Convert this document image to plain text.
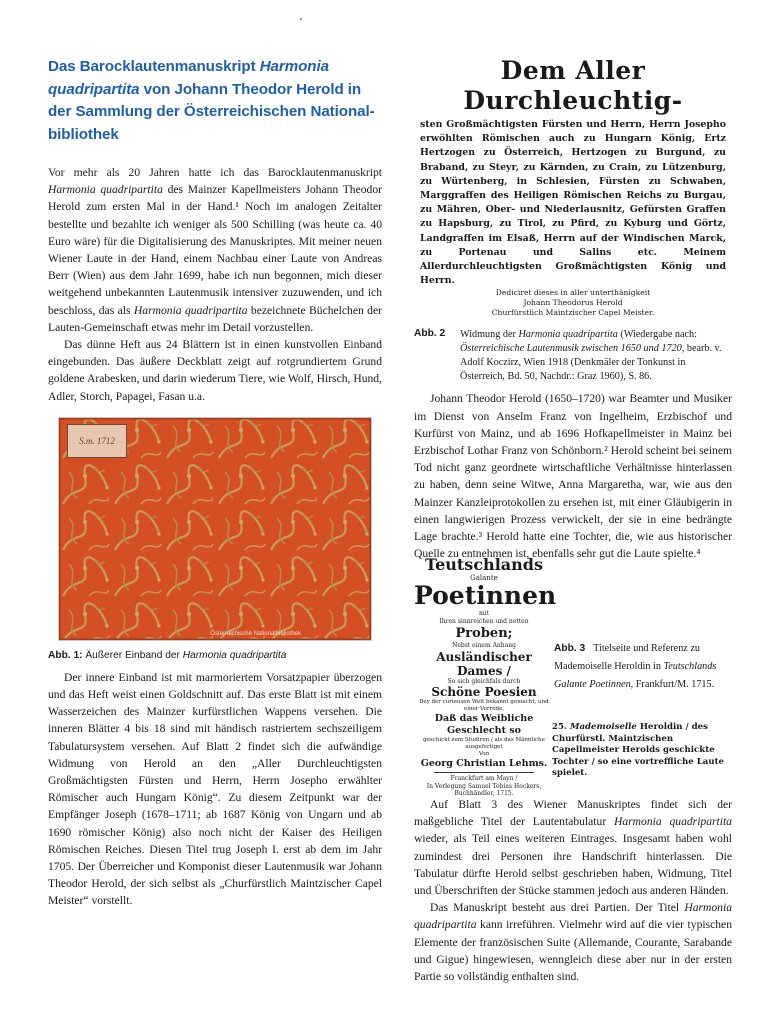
Das Barocklautenmanuskript Harmonia quadripartita von Johann Theodor Herold in der Sammlung der Österreichischen Nationalbibliothek

Vor mehr als 20 Jahren hatte ich das Barocklautenmanuskript Harmonia quadripartita des Mainzer Kapellmeisters Johann Theodor Herold zum ersten Mal in der Hand.¹ Noch im analogen Zeitalter bestellte und bezahlte ich weniger als 500 Schilling (was heute ca. 40 Euro wäre) für die Digitalisierung des Manuskriptes. Mit meiner neuen Wiener Laute in der Hand, einem Nachbau einer Laute von Andreas Berr (Wien) aus dem Jahr 1699, habe ich nun begonnen, mich dieser weitgehend unbekannten Lautenmusik intensiver zuzuwenden, und ich beschloss, das als Harmonia quadripartita bezeichnete Büchelchen der Lauten-Gemeinschaft etwas mehr im Detail vorzustellen.

Das dünne Heft aus 24 Blättern ist in einen kunstvollen Einband eingebunden. Das äußere Deckblatt zeigt auf rotgrundiertem Grund goldene Arabesken, und darin wiederum Tiere, wie Wolf, Hirsch, Hund, Adler, Storch, Papagei, Fasan u.a.

S.m. 1712
Österreichische Nationalbibliothek
Abb. 1: Äußerer Einband der Harmonia quadripartita

Der innere Einband ist mit marmoriertem Vorsatzpapier überzogen und das Heft weist einen Goldschnitt auf. Das erste Blatt ist mit einem Wasserzeichen des Mainzer kurfürstlichen Wappens versehen. Die inneren Blätter 4 bis 18 sind mit händisch rastriertem sechszeiligem Tabulatursystem versehen. Auf Blatt 2 findet sich die aufwändige Widmung von Herold an den „Aller Durchleuchtigsten Großmächtigsten Fürsten und Herrn, Herrn Josepho erwählter Römischer auch Hungarn König“. Zu diesem Zeitpunkt war der Empfänger Joseph (1678–1711; ab 1687 König von Ungarn und ab 1690 römischer König) also noch nicht der Kaiser des Heiligen Römischen Reiches. Diesen Titel trug Joseph I. erst ab dem im Jahr 1705. Der Überreicher und Komponist dieser Lautenmusik war Johann Theodor Herold, der sich selbst als „Churfürstlich Maintzischer Capel Meister“ vorstellt.

Dem Aller Durchleuchtig-
sten Großmächtigsten Fürsten und Herrn, Herrn Josepho erwöhlten Römischen auch zu Hungarn König, Ertz Hertzogen zu Österreich, Hertzogen zu Burgund, zu Braband, zu Steyr, zu Kärnden, zu Crain, zu Lützenburg, zu Würtenberg, in Schlesien, Fürsten zu Schwaben, Marggraffen des Heiligen Römischen Reichs zu Burgau, zu Mähren, Ober- und Niederlausnitz, Gefürsten Graffen zu Hapsburg, zu Tirol, zu Pfird, zu Kyburg und Görtz, Landgraffen im Elsaß, Herrn auf der Windischen Marck, zu Portenau und Salins etc. Meinem Allerdurchleuchtigsten Großmächtigsten König und Herrn.
Dediciret dieses in aller unterthänigkeit
Johann Theodorus Herold
Churfürstlich Maintzischer Capel Meister.
Abb. 2	Widmung der Harmonia quadripartita (Wiedergabe nach: Österreichische Lautenmusik zwischen 1650 und 1720, bearb. v. Adolf Koczirz, Wien 1918 (Denkmäler der Tonkunst in Österreich, Bd. 50, Nachdr.: Graz 1960), S. 86.

Johann Theodor Herold (1650–1720) war Beamter und Musiker im Dienst von Anselm Franz von Ingelheim, Erzbischof und Kurfürst von Mainz, und ab 1696 Hofkapellmeister in Mainz bei Erzbischof Lothar Franz von Schönborn.² Herold scheint bei seinem Tod nicht ganz geordnete wirtschaftliche Verhältnisse hinterlassen zu haben, denn seine Witwe, Anna Margaretha, war, wie aus den Mainzer Kanzleiprotokollen zu ersehen ist, mit einer Gläubigerin in einen langwierigen Prozess verwickelt, der sie in eine bedrängte Lage brachte.³ Herold hatte eine Tochter, die, wie aus historischer Quelle zu entnehmen ist, ebenfalls sehr gut die Laute spielte.⁴

Teutschlands
Galante
Poetinnen
mit
Ihren sinnreichen und netten
Proben;
Nebst einem Anhang
Ausländischer Dames /
So sich gleichfals durch
Schöne Poesien
Bey der curieusen Welt bekannt gemacht, und einer Vorrede,
Daß das Weibliche Geschlecht so
geschickt zum Studiren / als das Männliche
ausgefertiget
Von
Georg Christian Lehms.
Franckfurt am Mayn /
In Verlegung Samuel Tobias Hockers, Buchhändler, 1715.
Abb. 3 Titelseite und Referenz zu Mademoiselle Heroldin in Teutschlands Galante Poetinnen, Frankfurt/M. 1715.
25. Mademoiselle Heroldin / des Churfürstl. Maintzischen Capellmeister Herolds geschickte Tochter / so eine vortreffliche Laute spielet.

Auf Blatt 3 des Wiener Manuskriptes findet sich der maßgebliche Titel der Lautentabulatur Harmonia quadripartita wieder, als Teil eines weiteren Eintrages. Insgesamt haben wohl zumindest drei Personen ihre Handschrift hinterlassen. Die Tabulatur dürfte Herold selbst geschrieben haben, Widmung, Titel und Überschriften der Stücke stammen jedoch aus anderen Händen.

Das Manuskript besteht aus drei Partien. Der Titel Harmonia quadripartita kann irreführen. Vielmehr wird auf die vier typischen Elemente der französischen Suite (Allemande, Courante, Sarabande und Gigue) hingewiesen, wenngleich diese aber nur in der ersten Partie so vollständig enthalten sind.
